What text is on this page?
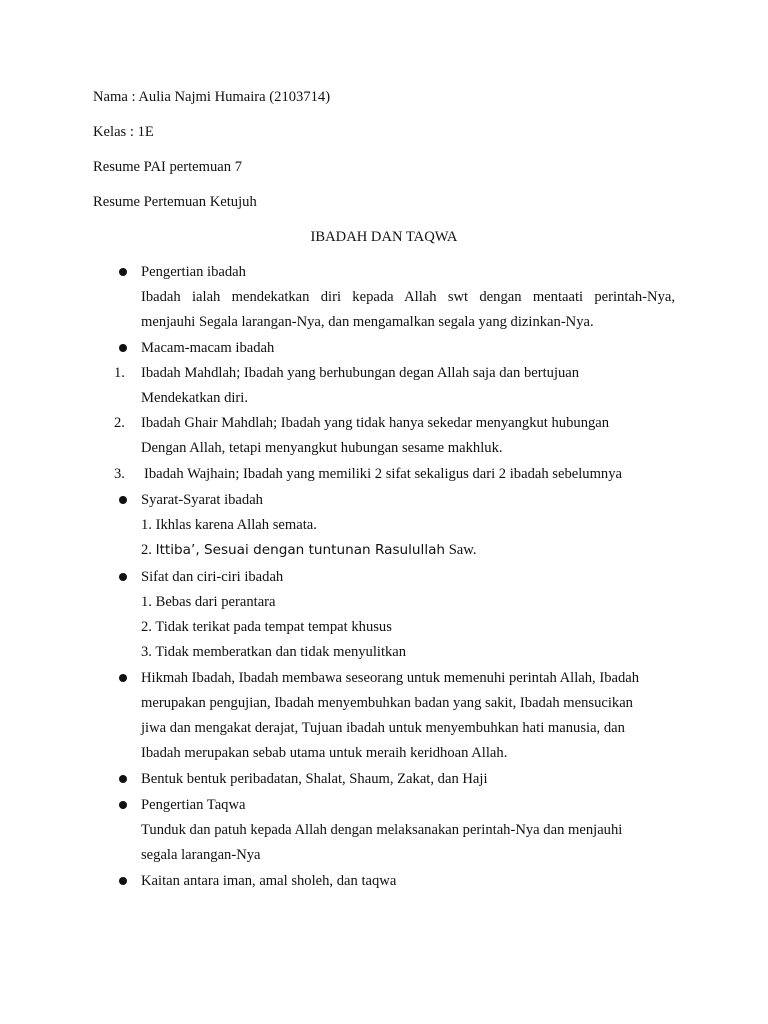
Nama : Aulia Najmi Humaira (2103714)
Kelas : 1E
Resume PAI pertemuan 7
Resume Pertemuan Ketujuh
IBADAH DAN TAQWA
Pengertian ibadah
Ibadah ialah mendekatkan diri kepada Allah swt dengan mentaati perintah-Nya,
menjauhi Segala larangan-Nya, dan mengamalkan segala yang dizinkan-Nya.
Macam-macam ibadah
1. Ibadah Mahdlah; Ibadah yang berhubungan degan Allah saja dan bertujuan
Mendekatkan diri.
2. Ibadah Ghair Mahdlah; Ibadah yang tidak hanya sekedar menyangkut hubungan
Dengan Allah, tetapi menyangkut hubungan sesame makhluk.
3. Ibadah Wajhain; Ibadah yang memiliki 2 sifat sekaligus dari 2 ibadah sebelumnya
Syarat-Syarat ibadah
1. Ikhlas karena Allah semata.
2. Ittiba’, Sesuai dengan tuntunan Rasulullah Saw.
Sifat dan ciri-ciri ibadah
1. Bebas dari perantara
2. Tidak terikat pada tempat tempat khusus
3. Tidak memberatkan dan tidak menyulitkan
Hikmah Ibadah, Ibadah membawa seseorang untuk memenuhi perintah Allah, Ibadah
merupakan pengujian, Ibadah menyembuhkan badan yang sakit, Ibadah mensucikan
jiwa dan mengakat derajat, Tujuan ibadah untuk menyembuhkan hati manusia, dan
Ibadah merupakan sebab utama untuk meraih keridhoan Allah.
Bentuk bentuk peribadatan, Shalat, Shaum, Zakat, dan Haji
Pengertian Taqwa
Tunduk dan patuh kepada Allah dengan melaksanakan perintah-Nya dan menjauhi
segala larangan-Nya
Kaitan antara iman, amal sholeh, dan taqwa
